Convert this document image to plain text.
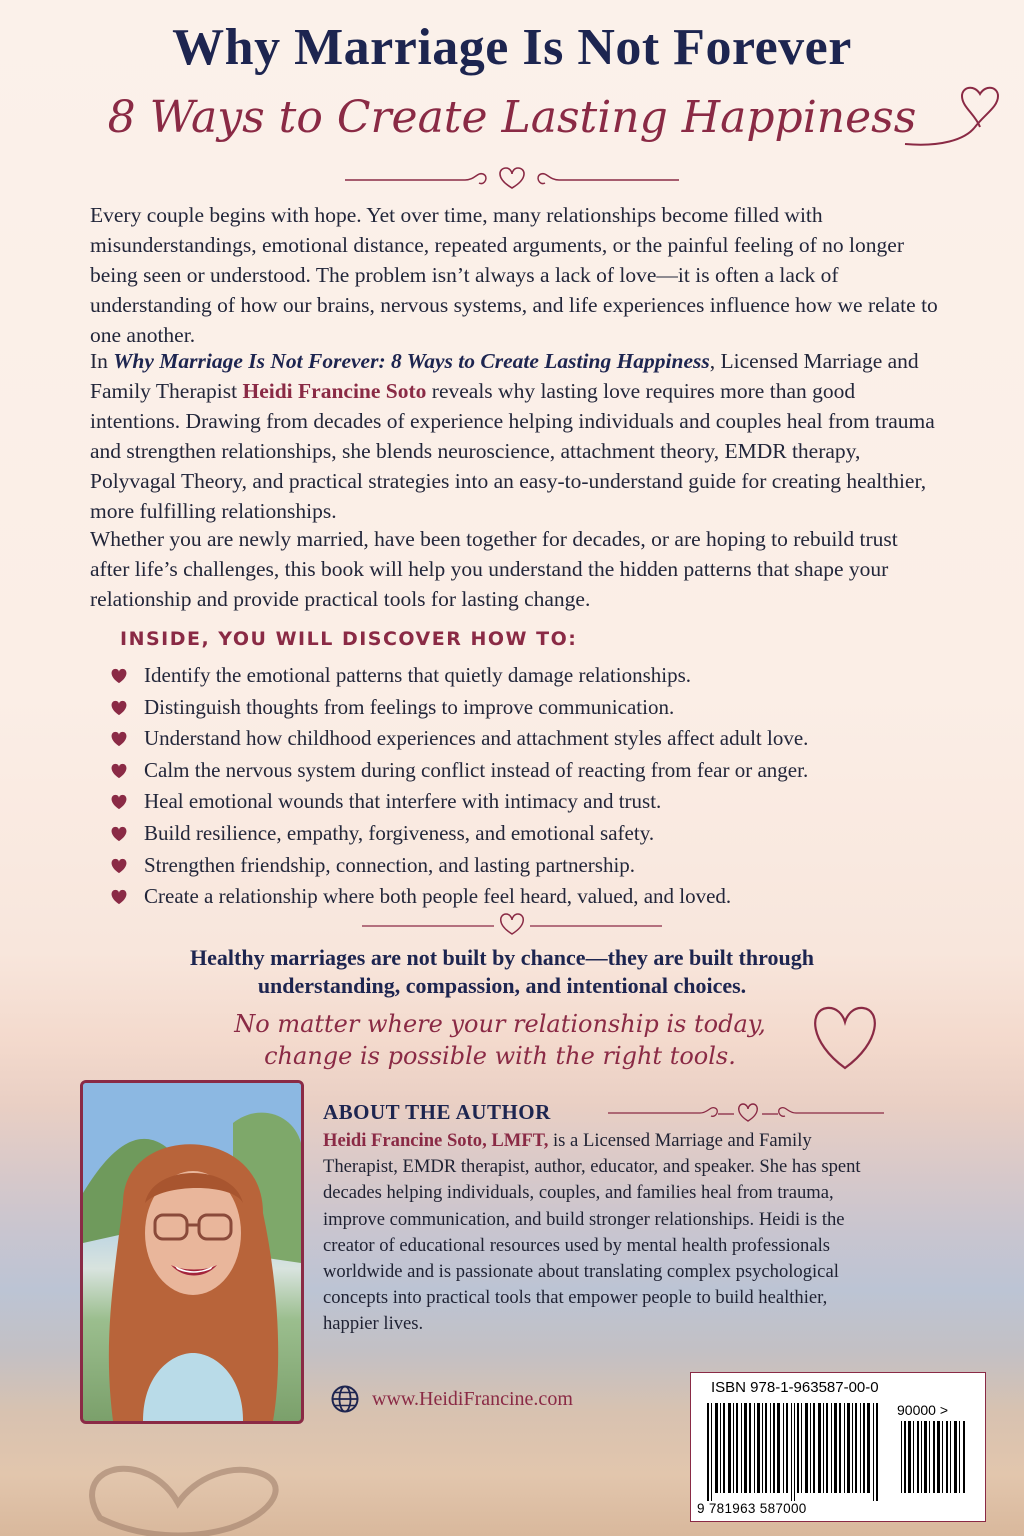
Why Marriage Is Not Forever
8 Ways to Create Lasting Happiness

Every couple begins with hope. Yet over time, many relationships become filled with misunderstandings, emotional distance, repeated arguments, or the painful feeling of no longer being seen or understood. The problem isn’t always a lack of love—it is often a lack of understanding of how our brains, nervous systems, and life experiences influence how we relate to one another.

In Why Marriage Is Not Forever: 8 Ways to Create Lasting Happiness, Licensed Marriage and Family Therapist Heidi Francine Soto reveals why lasting love requires more than good intentions. Drawing from decades of experience helping individuals and couples heal from trauma and strengthen relationships, she blends neuroscience, attachment theory, EMDR therapy, Polyvagal Theory, and practical strategies into an easy-to-understand guide for creating healthier, more fulfilling relationships.

Whether you are newly married, have been together for decades, or are hoping to rebuild trust after life’s challenges, this book will help you understand the hidden patterns that shape your relationship and provide practical tools for lasting change.

INSIDE, YOU WILL DISCOVER HOW TO:
Identify the emotional patterns that quietly damage relationships.
Distinguish thoughts from feelings to improve communication.
Understand how childhood experiences and attachment styles affect adult love.
Calm the nervous system during conflict instead of reacting from fear or anger.
Heal emotional wounds that interfere with intimacy and trust.
Build resilience, empathy, forgiveness, and emotional safety.
Strengthen friendship, connection, and lasting partnership.
Create a relationship where both people feel heard, valued, and loved.
Healthy marriages are not built by chance—they are built through
understanding, compassion, and intentional choices.
No matter where your relationship is today,
change is possible with the right tools.
ABOUT THE AUTHOR

Heidi Francine Soto, LMFT, is a Licensed Marriage and Family Therapist, EMDR therapist, author, educator, and speaker. She has spent decades helping individuals, couples, and families heal from trauma, improve communication, and build stronger relationships. Heidi is the creator of educational resources used by mental health professionals worldwide and is passionate about translating complex psychological concepts into practical tools that empower people to build healthier, happier lives.

www.HeidiFrancine.com	ISBN 978-1-963587-00-0
90000 >
9 781963 587000
